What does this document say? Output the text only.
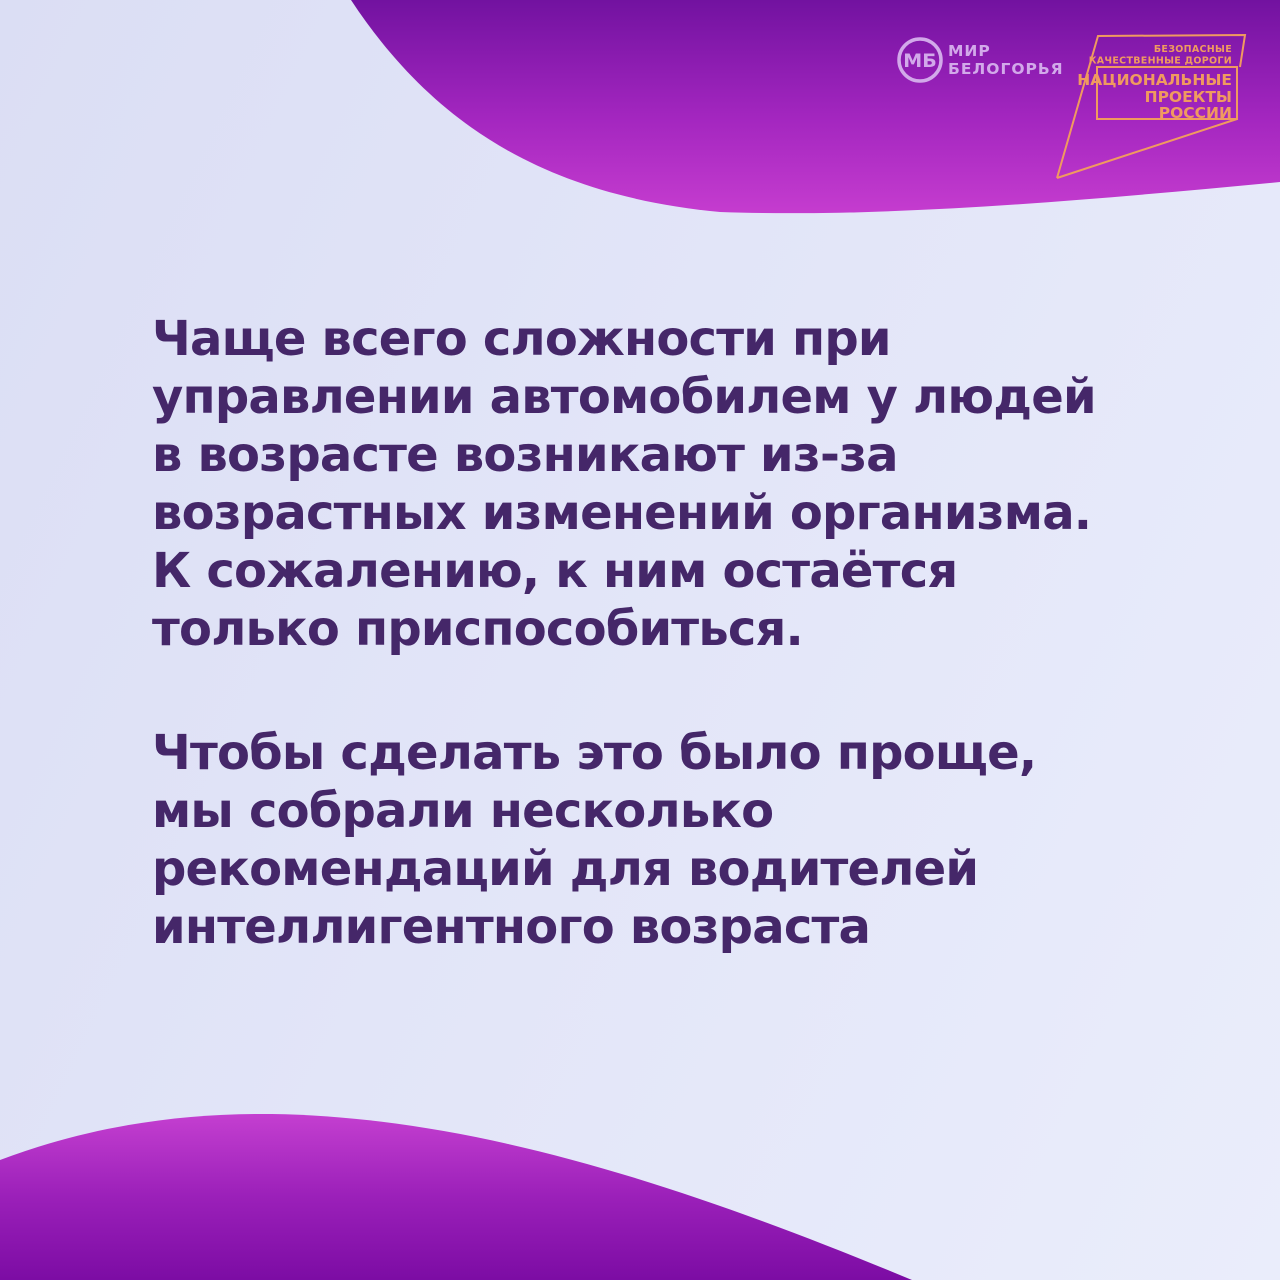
МБ МИР
БЕЛОГОРЬЯ
БЕЗОПАСНЫЕ
КАЧЕСТВЕННЫЕ ДОРОГИ
НАЦИОНАЛЬНЫЕ
ПРОЕКТЫ
РОССИИ
Чаще всего сложности при
управлении автомобилем у людей
в возрасте возникают из-за
возрастных изменений организма.
К сожалению, к ним остаётся
только приспособиться.
Чтобы сделать это было проще,
мы собрали несколько
рекомендаций для водителей
интеллигентного возраста
